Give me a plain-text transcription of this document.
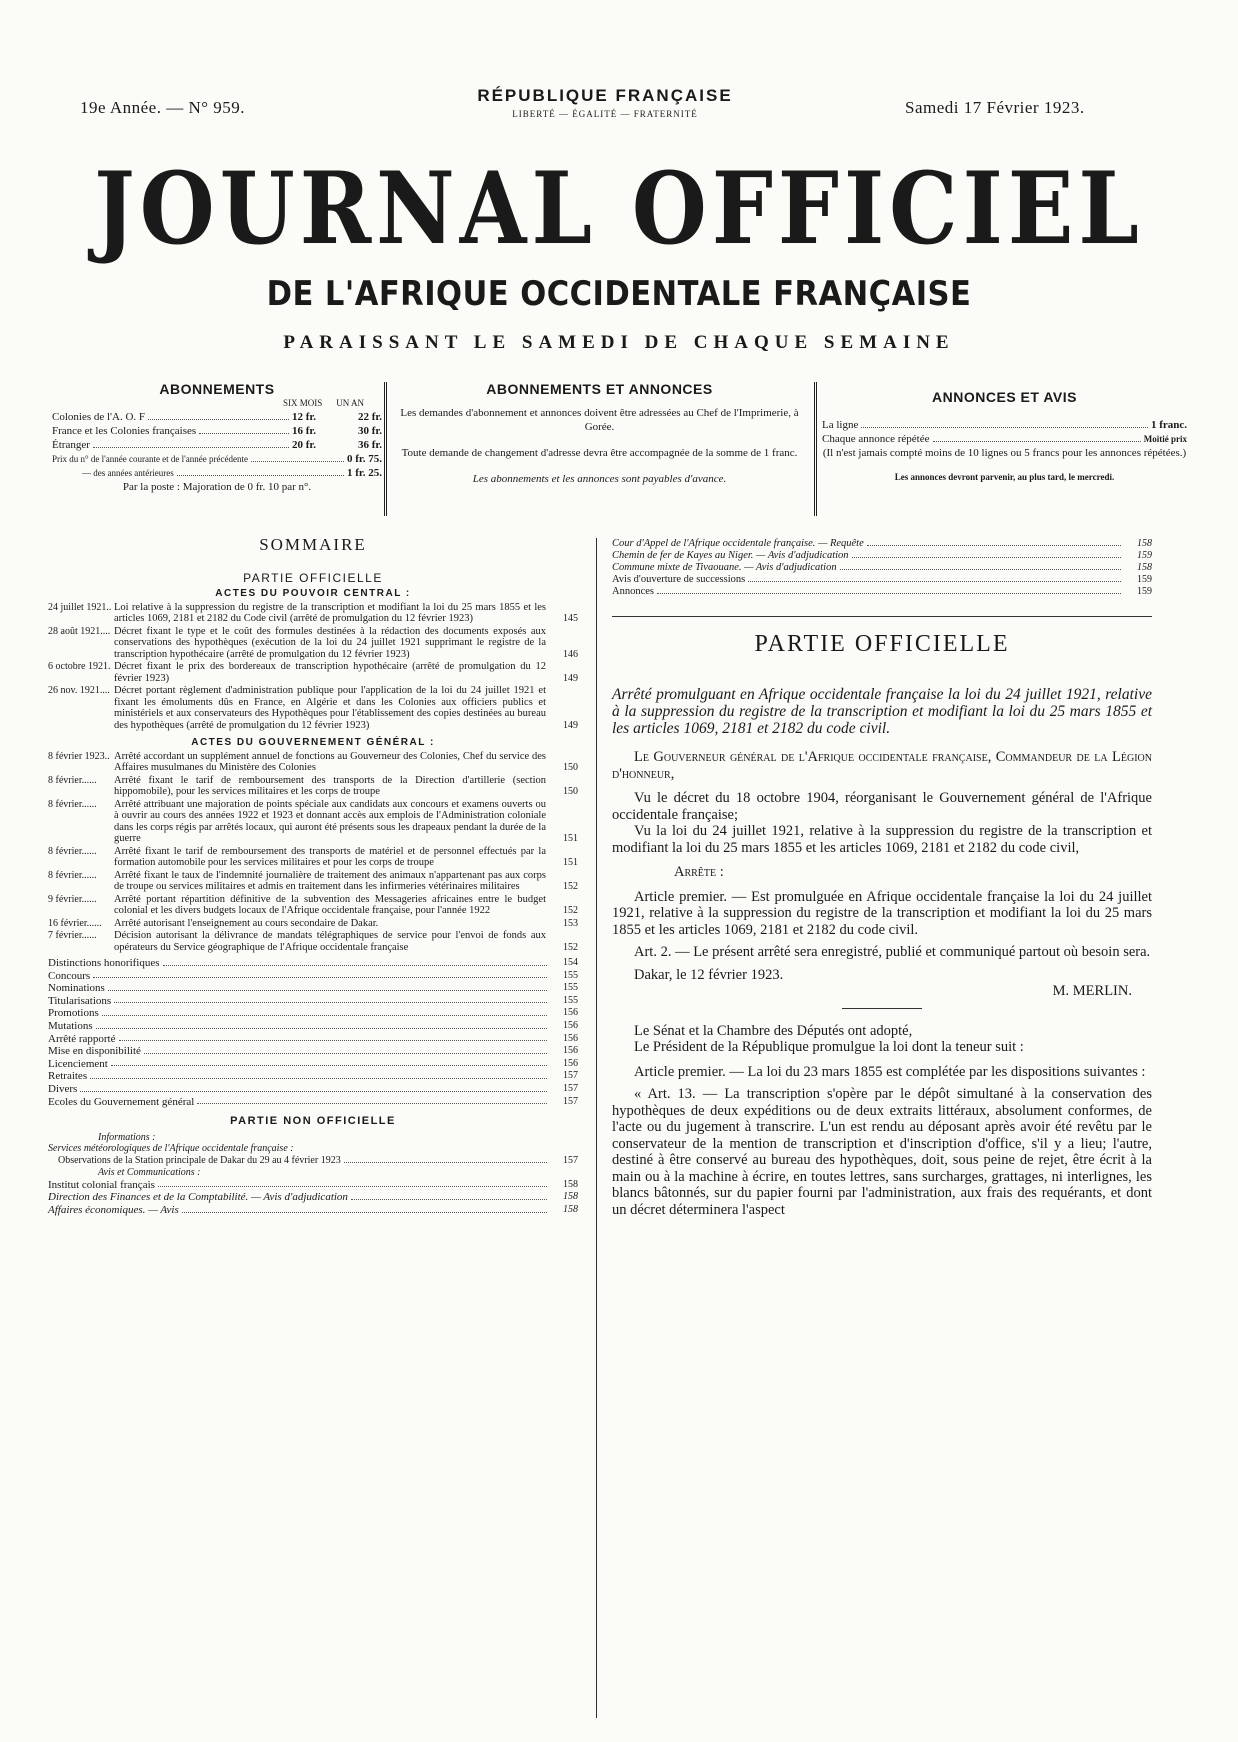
19e Année. — N° 959.
RÉPUBLIQUE FRANÇAISE
LIBERTÉ — ÉGALITÉ — FRATERNITÉ	Samedi 17 Février 1923.
JOURNAL OFFICIEL
DE L'AFRIQUE OCCIDENTALE FRANÇAISE
PARAISSANT LE SAMEDI DE CHAQUE SEMAINE
ABONNEMENTS
SIX MOIS UN AN
Colonies de l'A. O. F	12 fr.	22 fr.
France et les Colonies françaises	16 fr.	30 fr.
Étranger	20 fr.	36 fr.
Prix du n° de l'année courante et de l'année précédente	0 fr. 75.
— des années antérieures	1 fr. 25.
Par la poste : Majoration de 0 fr. 10 par n°.
ABONNEMENTS ET ANNONCES
Les demandes d'abonnement et annonces doivent être adressées au Chef de l'Imprimerie, à Gorée.
Toute demande de changement d'adresse devra être accompagnée de la somme de 1 franc.
Les abonnements et les annonces sont payables d'avance.
ANNONCES ET AVIS
La ligne	1 franc.
Chaque annonce répétée	Moitié prix
(Il n'est jamais compté moins de 10 lignes ou 5 francs pour les annonces répétées.)
Les annonces devront parvenir, au plus tard, le mercredi.
SOMMAIRE
PARTIE OFFICIELLE
ACTES DU POUVOIR CENTRAL :
24 juillet 1921.. Loi relative à la suppression du registre de la transcription et modifiant la loi du 25 mars 1855 et les articles 1069, 2181 et 2182 du Code civil (arrêté de promulgation du 12 février 1923)	145
28 août 1921.... Décret fixant le type et le coût des formules destinées à la rédaction des documents exposés aux conservations des hypothèques (exécution de la loi du 24 juillet 1921 supprimant le registre de la transcription hypothécaire (arrêté de promulgation du 12 février 1923)	146
6 octobre 1921. Décret fixant le prix des bordereaux de transcription hypothécaire (arrêté de promulgation du 12 février 1923)	149
26 nov. 1921.... Décret portant règlement d'administration publique pour l'application de la loi du 24 juillet 1921 et fixant les émoluments dûs en France, en Algérie et dans les Colonies aux officiers publics et ministériels et aux conservateurs des Hypothèques pour l'établissement des copies destinées au bureau des hypothèques (arrêté de promulgation du 12 février 1923)	149
ACTES DU GOUVERNEMENT GÉNÉRAL :
8 février 1923.. Arrêté accordant un supplément annuel de fonctions au Gouverneur des Colonies, Chef du service des Affaires musulmanes du Ministère des Colonies	150
8 février......	Arrêté fixant le tarif de remboursement des transports de la Direction d'artillerie (section hippomobile), pour les services militaires et les corps de troupe	150
8 février......	Arrêté attribuant une majoration de points spéciale aux candidats aux concours et examens ouverts ou à ouvrir au cours des années 1922 et 1923 et donnant accès aux emplois de l'Administration coloniale dans les corps régis par arrêtés locaux, qui auront été présents sous les drapeaux pendant la durée de la guerre	151
8 février......	Arrêté fixant le tarif de remboursement des transports de matériel et de personnel effectués par la formation automobile pour les services militaires et pour les corps de troupe	151
8 février......	Arrêté fixant le taux de l'indemnité journalière de traitement des animaux n'appartenant pas aux corps de troupe ou services militaires et admis en traitement dans les infirmeries vétérinaires militaires	152
9 février......	Arrêté portant répartition définitive de la subvention des Messageries africaines entre le budget colonial et les divers budgets locaux de l'Afrique occidentale française, pour l'année 1922	152
16 février......	Arrêté autorisant l'enseignement au cours secondaire de Dakar.	153
7 février......	Décision autorisant la délivrance de mandats télégraphiques de service pour l'envoi de fonds aux opérateurs du Service géographique de l'Afrique occidentale française	152
Distinctions honorifiques	154
Concours	155
Nominations	155
Titularisations	155
Promotions	156
Mutations	156
Arrêté rapporté	156
Mise en disponibilité	156
Licenciement	156
Retraites	157
Divers	157
Ecoles du Gouvernement général	157
PARTIE NON OFFICIELLE
Informations :
Services météorologiques de l'Afrique occidentale française :
Observations de la Station principale de Dakar du 29 au 4 février 1923	157
Avis et Communications :
Institut colonial français	158
Direction des Finances et de la Comptabilité. — Avis d'adjudication	158
Affaires économiques. — Avis	158
Cour d'Appel de l'Afrique occidentale française. — Requête	158
Chemin de fer de Kayes au Niger. — Avis d'adjudication	159
Commune mixte de Tivaouane. — Avis d'adjudication	158
Avis d'ouverture de successions	159
Annonces	159
PARTIE OFFICIELLE
Arrêté promulguant en Afrique occidentale française la loi du 24 juillet 1921, relative à la suppression du registre de la transcription et modifiant la loi du 25 mars 1855 et les articles 1069, 2181 et 2182 du code civil.

Le Gouverneur général de l'Afrique occidentale française, Commandeur de la Légion d'honneur,

Vu le décret du 18 octobre 1904, réorganisant le Gouvernement général de l'Afrique occidentale française;

Vu la loi du 24 juillet 1921, relative à la suppression du registre de la transcription et modifiant la loi du 25 mars 1855 et les articles 1069, 2181 et 2182 du code civil,

Arrête :

Article premier. — Est promulguée en Afrique occidentale française la loi du 24 juillet 1921, relative à la suppression du registre de la transcription et modifiant la loi du 25 mars 1855 et les articles 1069, 2181 et 2182 du code civil.

Art. 2. — Le présent arrêté sera enregistré, publié et communiqué partout où besoin sera.

Dakar, le 12 février 1923.

M. MERLIN.

Le Sénat et la Chambre des Députés ont adopté,

Le Président de la République promulgue la loi dont la teneur suit :

Article premier. — La loi du 23 mars 1855 est complétée par les dispositions suivantes :

« Art. 13. — La transcription s'opère par le dépôt simultané à la conservation des hypothèques de deux expéditions ou de deux extraits littéraux, absolument conformes, de l'acte ou du jugement à transcrire. L'un est rendu au déposant après avoir été revêtu par le conservateur de la mention de transcription et d'inscription d'office, s'il y a lieu; l'autre, destiné à être conservé au bureau des hypothèques, doit, sous peine de rejet, être écrit à la main ou à la machine à écrire, en toutes lettres, sans surcharges, grattages, ni interlignes, les blancs bâtonnés, sur du papier fourni par l'administration, aux frais des requérants, et dont un décret déterminera l'aspect
